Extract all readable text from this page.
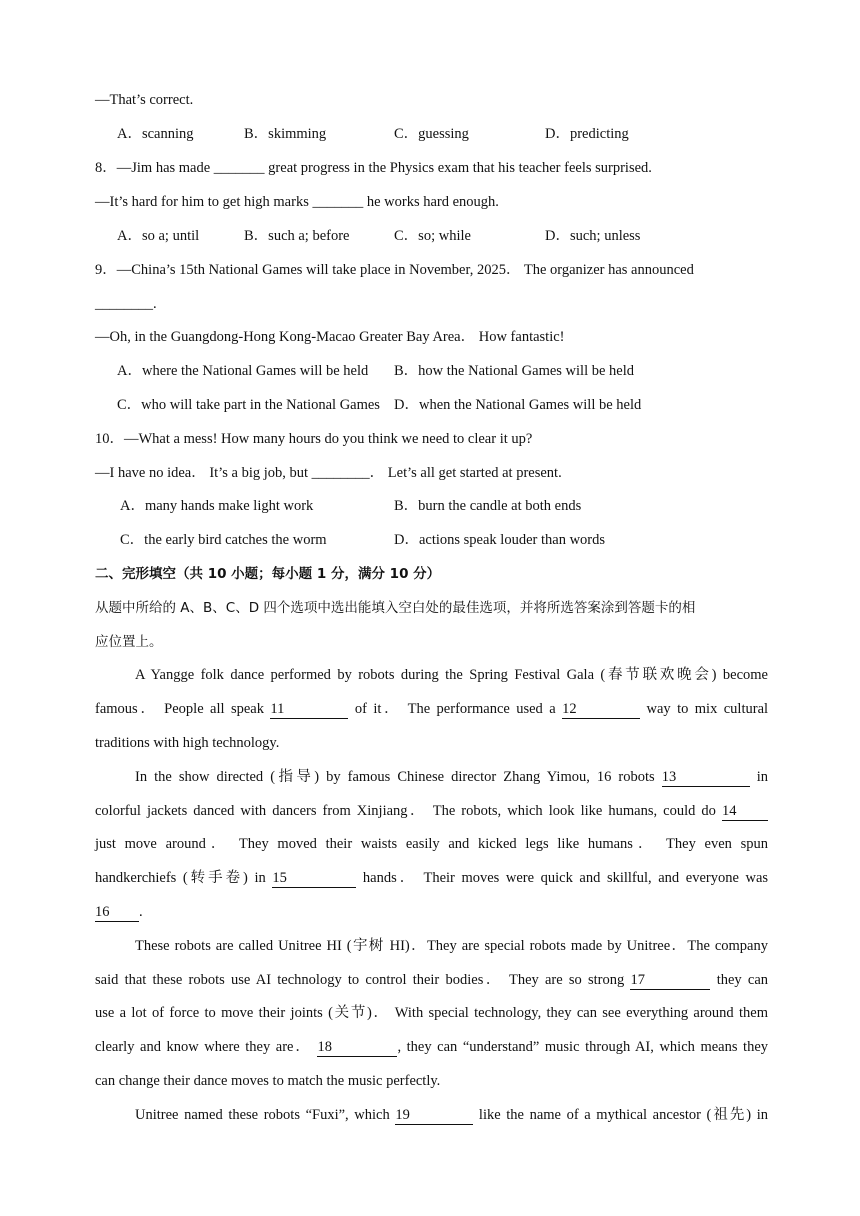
—That’s correct.
A．scanning	B．skimming	C．guessing	D．predicting
8．—Jim has made _______ great progress in the Physics exam that his teacher feels surprised.
—It’s hard for him to get high marks _______ he works hard enough.
A．so a; until	B．such a; before	C．so; while	D．such; unless
9．—China’s 15th National Games will take place in November, 2025． The organizer has announced
________.
—Oh, in the Guangdong-Hong Kong-Macao Greater Bay Area． How fantastic!
A．where the National Games will be held B．how the National Games will be held
C．who will take part in the National Games D．when the National Games will be held
10．—What a mess! How many hours do you think we need to clear it up?
—I have no idea． It’s a big job, but ________． Let’s all get started at present.
A．many hands make light work	B．burn the candle at both ends
C．the early bird catches the worm	D．actions speak louder than words
二、完形填空（共 10 小题；每小题 1 分，满分 10 分）
从题中所给的 A、B、C、D 四个选项中选出能填入空白处的最佳选项，并将所选答案涂到答题卡的相
应位置上。
A Yangge folk dance performed by robots during the Spring Festival Gala (春节联欢晚会) become
famous． People all speak 11	of it． The performance used a 12	way to mix cultural
traditions with high technology.
In the show directed (指导) by famous Chinese director Zhang Yimou, 16 robots 13	in
colorful jackets danced with dancers from Xinjiang． The robots, which look like humans, could do 14
just move around． They moved their waists easily and kicked legs like humans． They even spun
handkerchiefs (转手卷) in 15	hands． Their moves were quick and skillful, and everyone was
16 .
These robots are called Unitree HI (宇树 HI)．They are special robots made by Unitree．The company
said that these robots use AI technology to control their bodies． They are so strong 17	they can
use a lot of force to move their joints (关节)． With special technology, they can see everything around them
clearly and know where they are． 18	, they can “understand” music through AI, which means they
can change their dance moves to match the music perfectly.
Unitree named these robots “Fuxi”, which 19	like the name of a mythical ancestor (祖先) in
